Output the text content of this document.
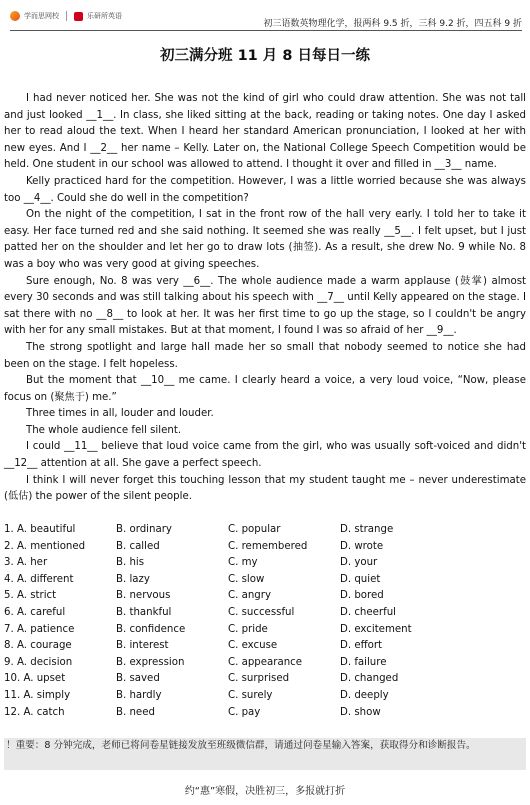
学而思网校	乐研所英语
初三语数英物理化学，报两科 9.5 折，三科 9.2 折，四五科 9 折
初三满分班 11 月 8 日每日一练

I had never noticed her. She was not the kind of girl who could draw attention. She was not tall and just looked __1__. In class, she liked sitting at the back, reading or taking notes. One day I asked her to read aloud the text. When I heard her standard American pronunciation, I looked at her with new eyes. And I __2__ her name – Kelly. Later on, the National College Speech Competition would be held. One student in our school was allowed to attend. I thought it over and filled in __3__ name.

Kelly practiced hard for the competition. However, I was a little worried because she was always too __4__. Could she do well in the competition?

On the night of the competition, I sat in the front row of the hall very early. I told her to take it easy. Her face turned red and she said nothing. It seemed she was really __5__. I felt upset, but I just patted her on the shoulder and let her go to draw lots (抽签). As a result, she drew No. 9 while No. 8 was a boy who was very good at giving speeches.

Sure enough, No. 8 was very __6__. The whole audience made a warm applause (鼓掌) almost every 30 seconds and was still talking about his speech with __7__ until Kelly appeared on the stage. I sat there with no __8__ to look at her. It was her first time to go up the stage, so I couldn't be angry with her for any small mistakes. But at that moment, I found I was so afraid of her __9__.

The strong spotlight and large hall made her so small that nobody seemed to notice she had been on the stage. I felt hopeless.

But the moment that __10__ me came. I clearly heard a voice, a very loud voice, “Now, please focus on (聚焦于) me.”

Three times in all, louder and louder.

The whole audience fell silent.

I could __11__ believe that loud voice came from the girl, who was usually soft-voiced and didn't __12__ attention at all. She gave a perfect speech.

I think I will never forget this touching lesson that my student taught me – never underestimate (低估) the power of the silent people.

1. A. beautiful	B. ordinary	C. popular	D. strange
2. A. mentioned	B. called	C. remembered	D. wrote
3. A. her	B. his	C. my	D. your
4. A. different	B. lazy	C. slow	D. quiet
5. A. strict	B. nervous	C. angry	D. bored
6. A. careful	B. thankful	C. successful	D. cheerful
7. A. patience	B. confidence	C. pride	D. excitement
8. A. courage	B. interest	C. excuse	D. effort
9. A. decision	B. expression	C. appearance	D. failure
10. A. upset	B. saved	C. surprised	D. changed
11. A. simply	B. hardly	C. surely	D. deeply
12. A. catch	B. need	C. pay	D. show
！重要：8 分钟完成，老师已将问卷星链接发放至班级微信群，请通过问卷星输入答案，获取得分和诊断报告。
约“惠”寒假，决胜初三，多报就打折
